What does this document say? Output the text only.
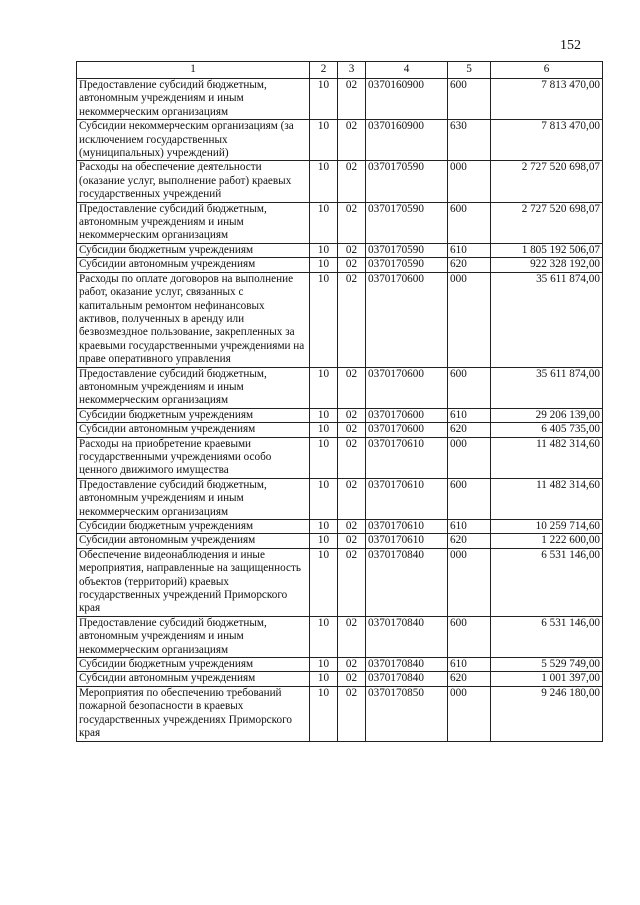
152
1	2	3	4	5	6
Предоставление субсидий бюджетным, автономным учреждениям и иным некоммерческим организациям	10	02	0370160900	600	7 813 470,00
Субсидии некоммерческим организациям (за исключением государственных (муниципальных) учреждений)	10	02	0370160900	630	7 813 470,00
Расходы на обеспечение деятельности (оказание услуг, выполнение работ) краевых государственных учреждений	10	02	0370170590	000	2 727 520 698,07
Предоставление субсидий бюджетным, автономным учреждениям и иным некоммерческим организациям	10	02	0370170590	600	2 727 520 698,07
Субсидии бюджетным учреждениям	10	02	0370170590	610	1 805 192 506,07
Субсидии автономным учреждениям	10	02	0370170590	620	922 328 192,00
Расходы по оплате договоров на выполнение работ, оказание услуг, связанных с капитальным ремонтом нефинансовых активов, полученных в аренду или безвозмездное пользование, закрепленных за краевыми государственными учреждениями на праве оперативного управления	10	02	0370170600	000	35 611 874,00
Предоставление субсидий бюджетным, автономным учреждениям и иным некоммерческим организациям	10	02	0370170600	600	35 611 874,00
Субсидии бюджетным учреждениям	10	02	0370170600	610	29 206 139,00
Субсидии автономным учреждениям	10	02	0370170600	620	6 405 735,00
Расходы на приобретение краевыми государственными учреждениями особо ценного движимого имущества	10	02	0370170610	000	11 482 314,60
Предоставление субсидий бюджетным, автономным учреждениям и иным некоммерческим организациям	10	02	0370170610	600	11 482 314,60
Субсидии бюджетным учреждениям	10	02	0370170610	610	10 259 714,60
Субсидии автономным учреждениям	10	02	0370170610	620	1 222 600,00
Обеспечение видеонаблюдения и иные мероприятия, направленные на защищенность объектов (территорий) краевых государственных учреждений Приморского края	10	02	0370170840	000	6 531 146,00
Предоставление субсидий бюджетным, автономным учреждениям и иным некоммерческим организациям	10	02	0370170840	600	6 531 146,00
Субсидии бюджетным учреждениям	10	02	0370170840	610	5 529 749,00
Субсидии автономным учреждениям	10	02	0370170840	620	1 001 397,00
Мероприятия по обеспечению требований пожарной безопасности в краевых государственных учреждениях Приморского края	10	02	0370170850	000	9 246 180,00
